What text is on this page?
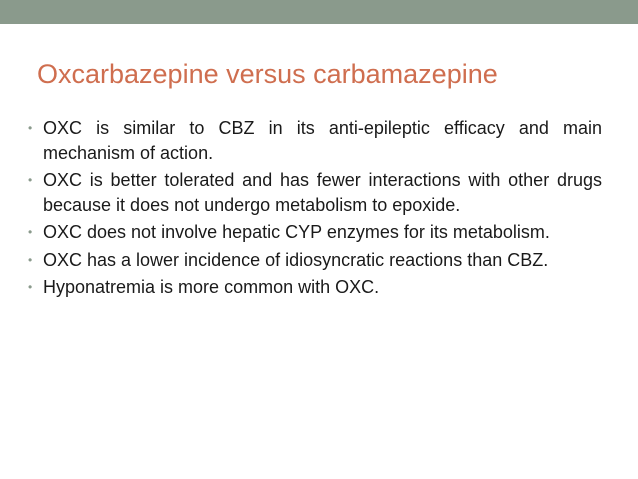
Oxcarbazepine versus carbamazepine
• OXC is similar to CBZ in its anti-epileptic efficacy and main mechanism of action.
• OXC is better tolerated and has fewer interactions with other drugs because it does not undergo metabolism to epoxide.
• OXC does not involve hepatic CYP enzymes for its metabolism.
• OXC has a lower incidence of idiosyncratic reactions than CBZ.
• Hyponatremia is more common with OXC.
